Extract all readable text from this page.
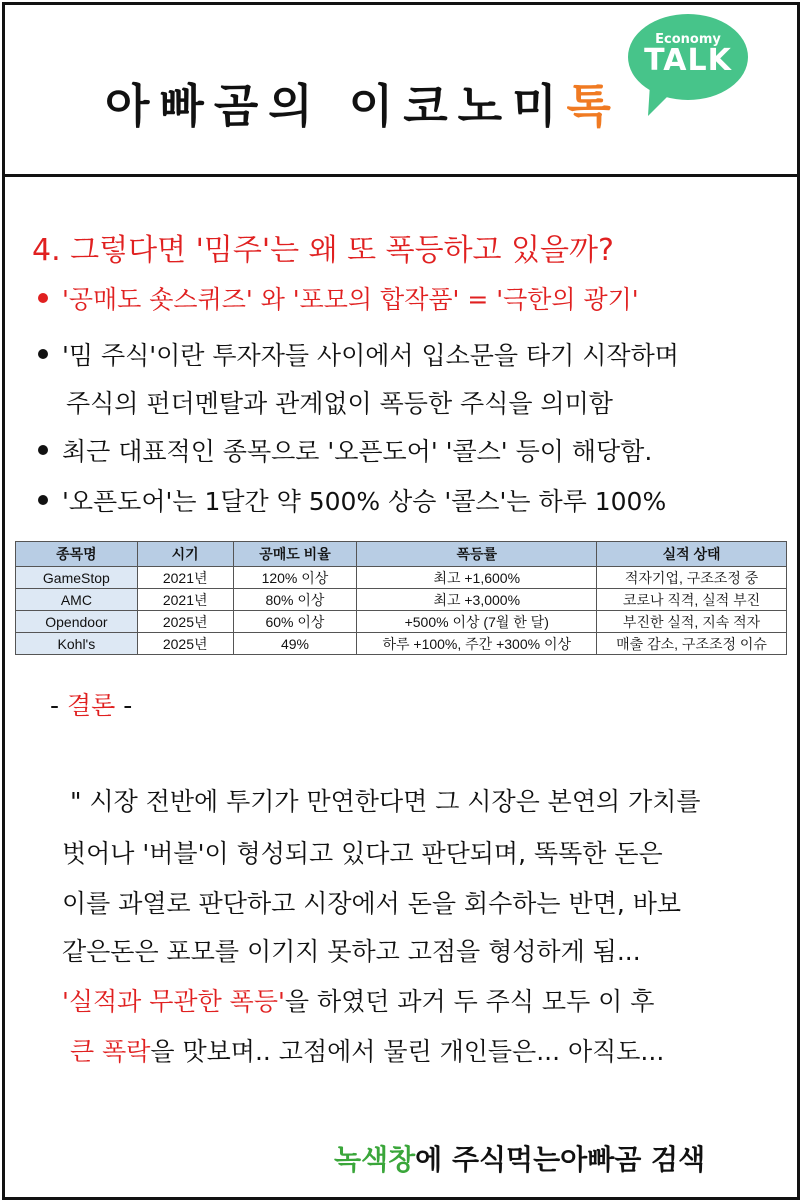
아빠곰의 이코노미톡
Economy
TALK
4. 그렇다면 '밈주'는 왜 또 폭등하고 있을까?
'공매도 숏스퀴즈' 와 '포모의 합작품' = '극한의 광기'
'밈 주식'이란 투자자들 사이에서 입소문을 타기 시작하며
주식의 펀더멘탈과 관계없이 폭등한 주식을 의미함
최근 대표적인 종목으로 '오픈도어' '콜스' 등이 해당함.
'오픈도어'는 1달간 약 500% 상승 '콜스'는 하루 100%
종목명	시기	공매도 비율	폭등률	실적 상태
GameStop	2021년	120% 이상	최고 +1,600%	적자기업, 구조조정 중
AMC	2021년	80% 이상	최고 +3,000%	코로나 직격, 실적 부진
Opendoor	2025년	60% 이상	+500% 이상 (7월 한 달)	부진한 실적, 지속 적자
Kohl's	2025년	49%	하루 +100%, 주간 +300% 이상	매출 감소, 구조조정 이슈
- 결론 -
" 시장 전반에 투기가 만연한다면 그 시장은 본연의 가치를
벗어나 '버블'이 형성되고 있다고 판단되며, 똑똑한 돈은
이를 과열로 판단하고 시장에서 돈을 회수하는 반면, 바보
같은돈은 포모를 이기지 못하고 고점을 형성하게 됨...
'실적과 무관한 폭등'을 하였던 과거 두 주식 모두 이 후
큰 폭락을 맛보며.. 고점에서 물린 개인들은... 아직도...
녹색창에 주식먹는아빠곰 검색
